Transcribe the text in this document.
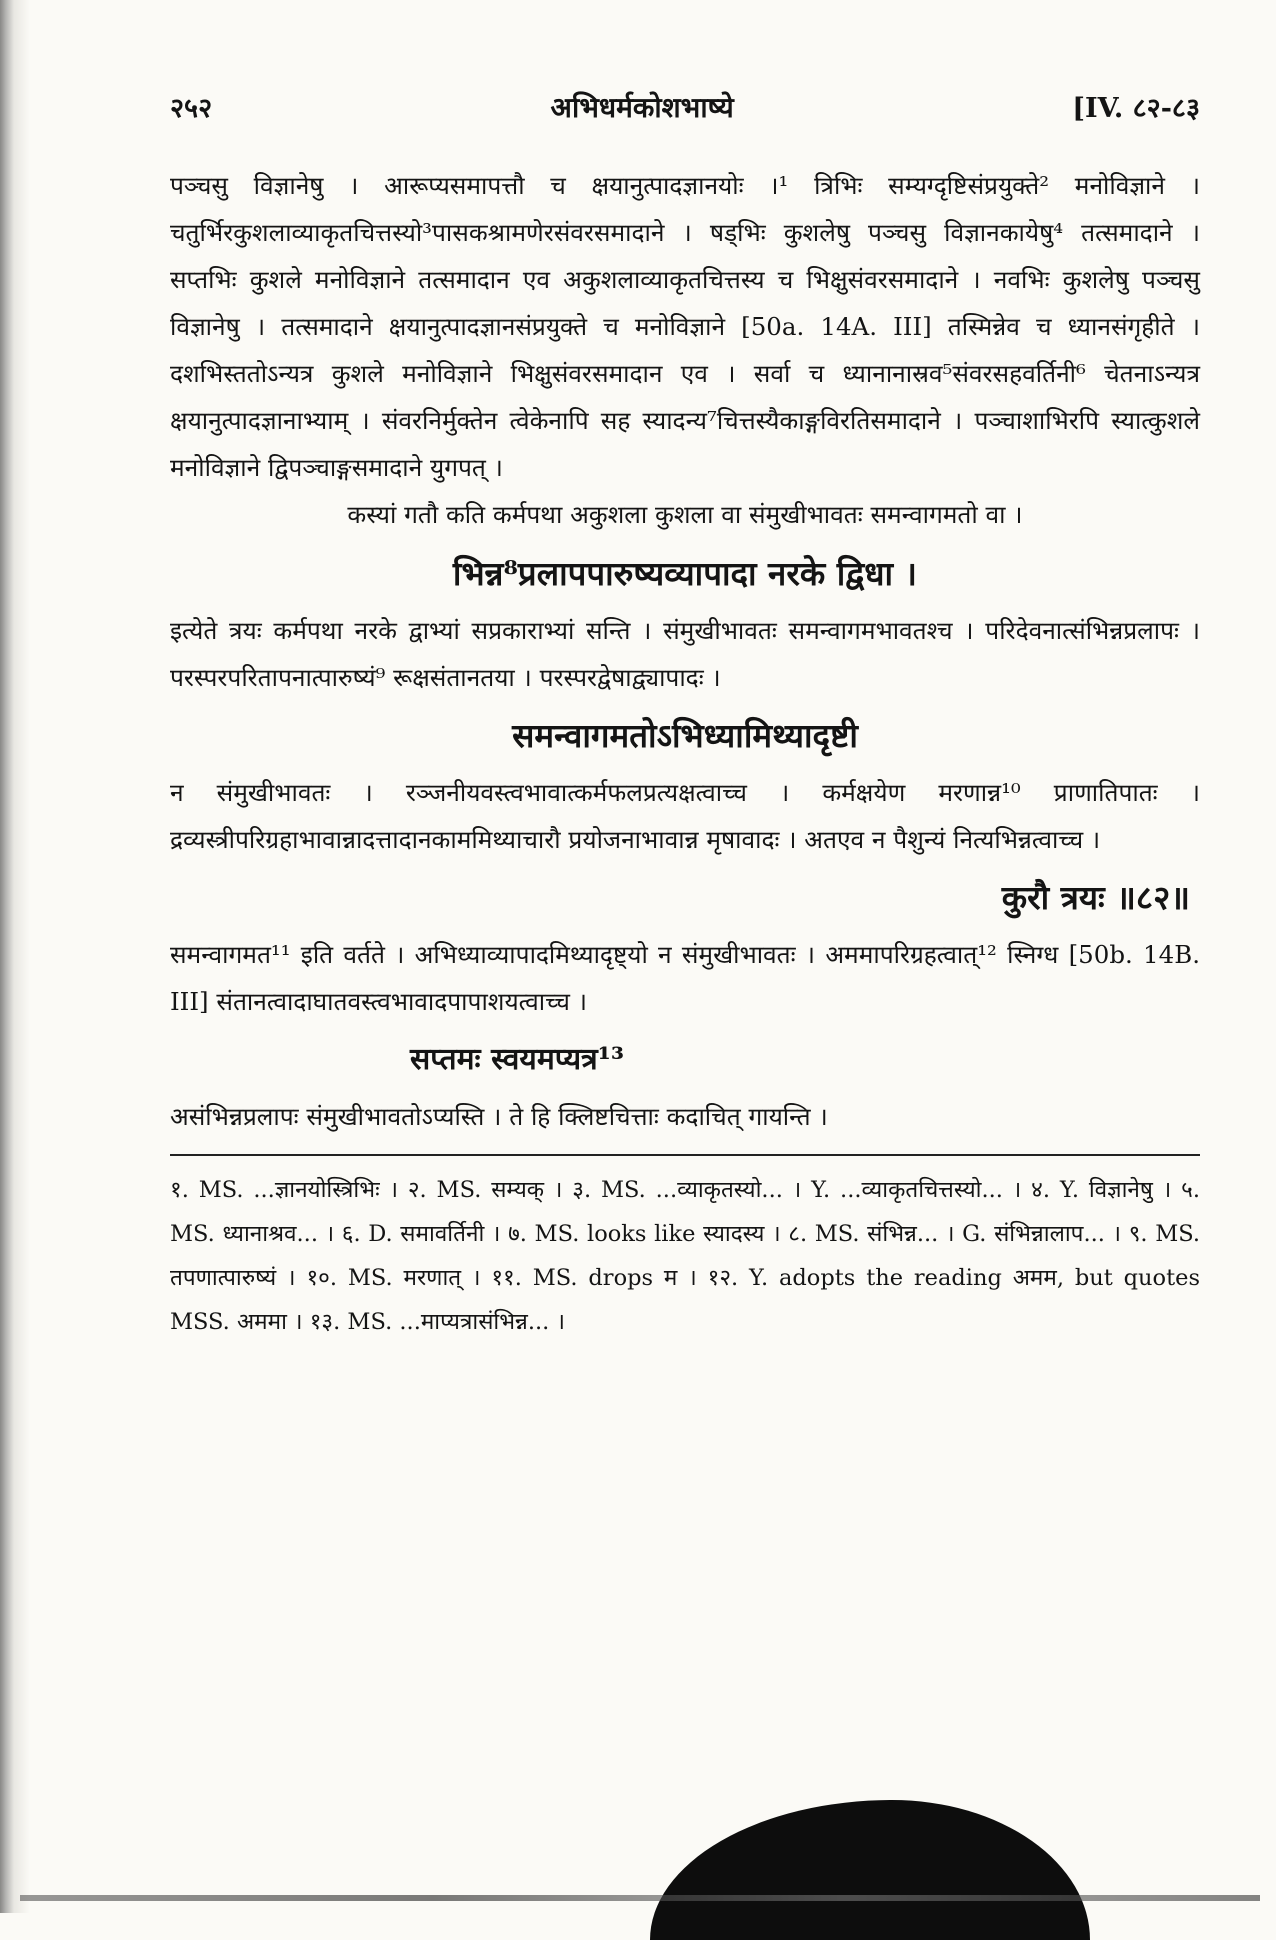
२५२	अभिधर्मकोशभाष्ये	[IV. ८२-८३

पञ्चसु विज्ञानेषु । आरूप्यसमापत्तौ च क्षयानुत्पादज्ञानयोः ।¹ त्रिभिः सम्यग्दृष्टिसंप्रयुक्ते² मनोविज्ञाने । चतुर्भिरकुशलाव्याकृतचित्तस्यो³पासकश्रामणेरसंवरसमादाने । षड्भिः कुशलेषु पञ्चसु विज्ञानकायेषु⁴ तत्समादाने । सप्तभिः कुशले मनोविज्ञाने तत्समादान एव अकुशलाव्याकृतचित्तस्य च भिक्षुसंवरसमादाने । नवभिः कुशलेषु पञ्चसु विज्ञानेषु । तत्समादाने क्षयानुत्पादज्ञानसंप्रयुक्ते च मनोविज्ञाने [50a. 14A. III] तस्मिन्नेव च ध्यानसंगृहीते । दशभिस्ततोऽन्यत्र कुशले मनोविज्ञाने भिक्षुसंवरसमादान एव । सर्वा च ध्यानानास्रव⁵संवरसहवर्तिनी⁶ चेतनाऽन्यत्र क्षयानुत्पादज्ञानाभ्याम् । संवरनिर्मुक्तेन त्वेकेनापि सह स्यादन्य⁷चित्तस्यैकाङ्गविरतिसमादाने । पञ्चाशाभिरपि स्यात्कुशले मनोविज्ञाने द्विपञ्चाङ्गसमादाने युगपत् ।

कस्यां गतौ कति कर्मपथा अकुशला कुशला वा संमुखीभावतः समन्वागमतो वा ।

भिन्न⁸प्रलापपारुष्यव्यापादा नरके द्विधा ।

इत्येते त्रयः कर्मपथा नरके द्वाभ्यां सप्रकाराभ्यां सन्ति । संमुखीभावतः समन्वागमभावतश्च । परिदेवनात्संभिन्नप्रलापः । परस्परपरितापनात्पारुष्यं⁹ रूक्षसंतानतया । परस्परद्वेषाद्व्यापादः ।

समन्वागमतोऽभिध्यामिथ्यादृष्टी

न संमुखीभावतः । रञ्जनीयवस्त्वभावात्कर्मफलप्रत्यक्षत्वाच्च । कर्मक्षयेण मरणान्न¹⁰ प्राणातिपातः । द्रव्यस्त्रीपरिग्रहाभावान्नादत्तादानकाममिथ्याचारौ प्रयोजनाभावान्न मृषावादः । अतएव न पैशुन्यं नित्यभिन्नत्वाच्च ।

कुरौ त्रयः ॥८२॥

समन्वागमत¹¹ इति वर्तते । अभिध्याव्यापादमिथ्यादृष्ट्यो न संमुखीभावतः । अममापरिग्रहत्वात्¹² स्निग्ध [50b. 14B. III] संतानत्वादाघातवस्त्वभावादपापाशयत्वाच्च ।

सप्तमः स्वयमप्यत्र¹³

असंभिन्नप्रलापः संमुखीभावतोऽप्यस्ति । ते हि क्लिष्टचित्ताः कदाचित् गायन्ति ।

१. MS. ...ज्ञानयोस्त्रिभिः । २. MS. सम्यक् । ३. MS. ...व्याकृतस्यो... । Y. ...व्याकृतचित्तस्यो... । ४. Y. विज्ञानेषु । ५. MS. ध्यानाश्रव... । ६. D. समावर्तिनी । ७. MS. looks like स्यादस्य । ८. MS. संभिन्न... । G. संभिन्नालाप... । ९. MS. तपणात्पारुष्यं । १०. MS. मरणात् । ११. MS. drops म । १२. Y. adopts the reading अमम, but quotes MSS. अममा । १३. MS. ...माप्यत्रासंभिन्न... ।
